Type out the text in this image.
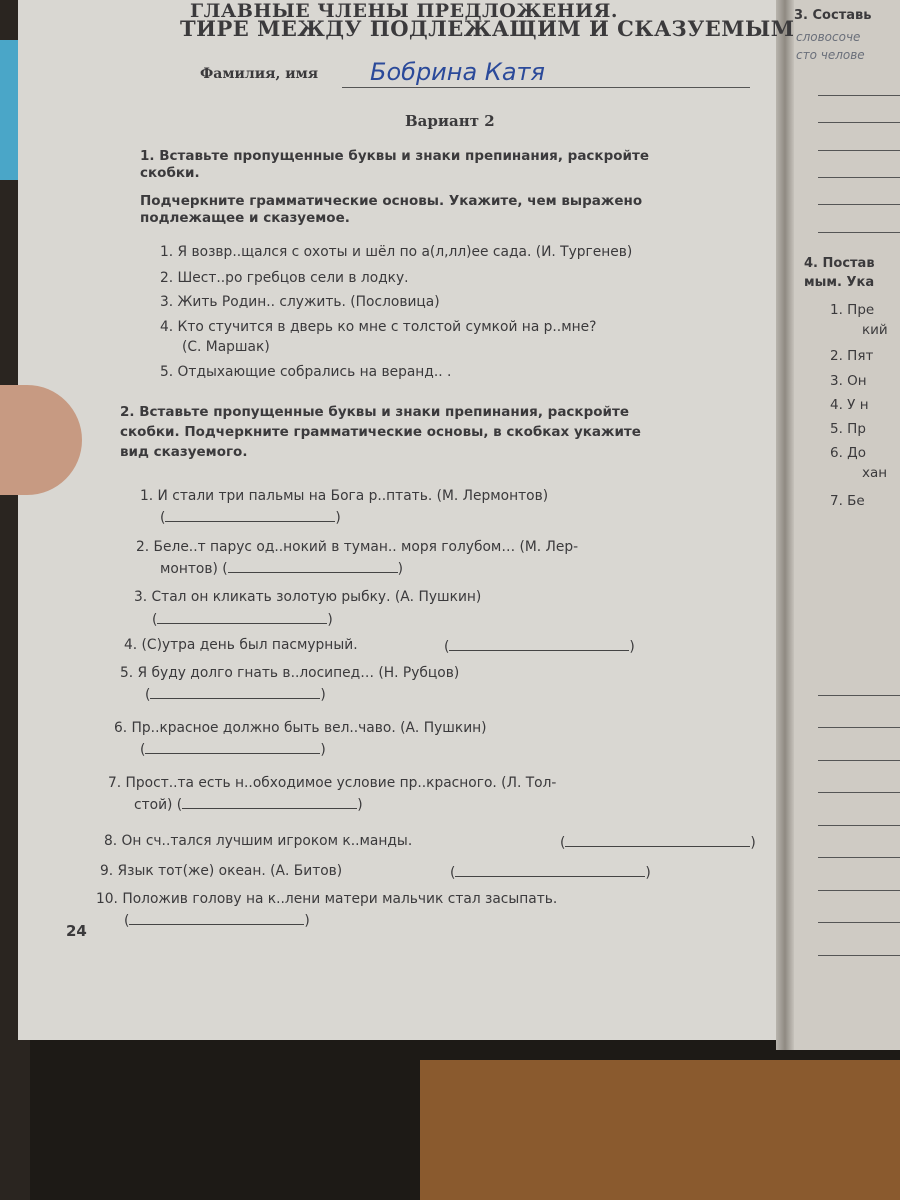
3. Составь
словосоче
сто челове
4. Постав
мым. Ука
1. Пре
кий
2. Пят
3. Он
4. У н
5. Пр
6. До
хан
7. Бе
ГЛАВНЫЕ ЧЛЕНЫ ПРЕДЛОЖЕНИЯ.
ТИРЕ МЕЖДУ ПОДЛЕЖАЩИМ И СКАЗУЕМЫМ
Фамилия, имя Бобрина Катя
Вариант 2
1. Вставьте пропущенные буквы и знаки препинания, раскройте
скобки.
Подчеркните грамматические основы. Укажите, чем выражено
подлежащее и сказуемое.
1. Я возвр..щался с охоты и шёл по а(л,лл)ее сада. (И. Тургенев)
2. Шест..ро гребцов сели в лодку.
3. Жить Родин.. служить. (Пословица)
4. Кто стучится в дверь ко мне с толстой сумкой на р..мне?
(С. Маршак)
5. Отдыхающие собрались на веранд.. .
2. Вставьте пропущенные буквы и знаки препинания, раскройте
скобки. Подчеркните грамматические основы, в скобках укажите
вид сказуемого.
1. И стали три пальмы на Бога р..птать. (М. Лермонтов)
(	)
2. Беле..т парус од..нокий в туман.. моря голубом… (М. Лер-
монтов) (	)
3. Стал он кликать золотую рыбку. (А. Пушкин)
(	)
4. (С)утра день был пасмурный.	(	)
5. Я буду долго гнать в..лосипед… (Н. Рубцов)
(	)
6. Пр..красное должно быть вел..чаво. (А. Пушкин)
(	)
7. Прост..та есть н..обходимое условие пр..красного. (Л. Тол-
стой) (	)
8. Он сч..тался лучшим игроком к..манды.	(	)
9. Язык тот(же) океан. (А. Битов)	(	)
10. Положив голову на к..лени матери мальчик стал засыпать.
(	)
24
